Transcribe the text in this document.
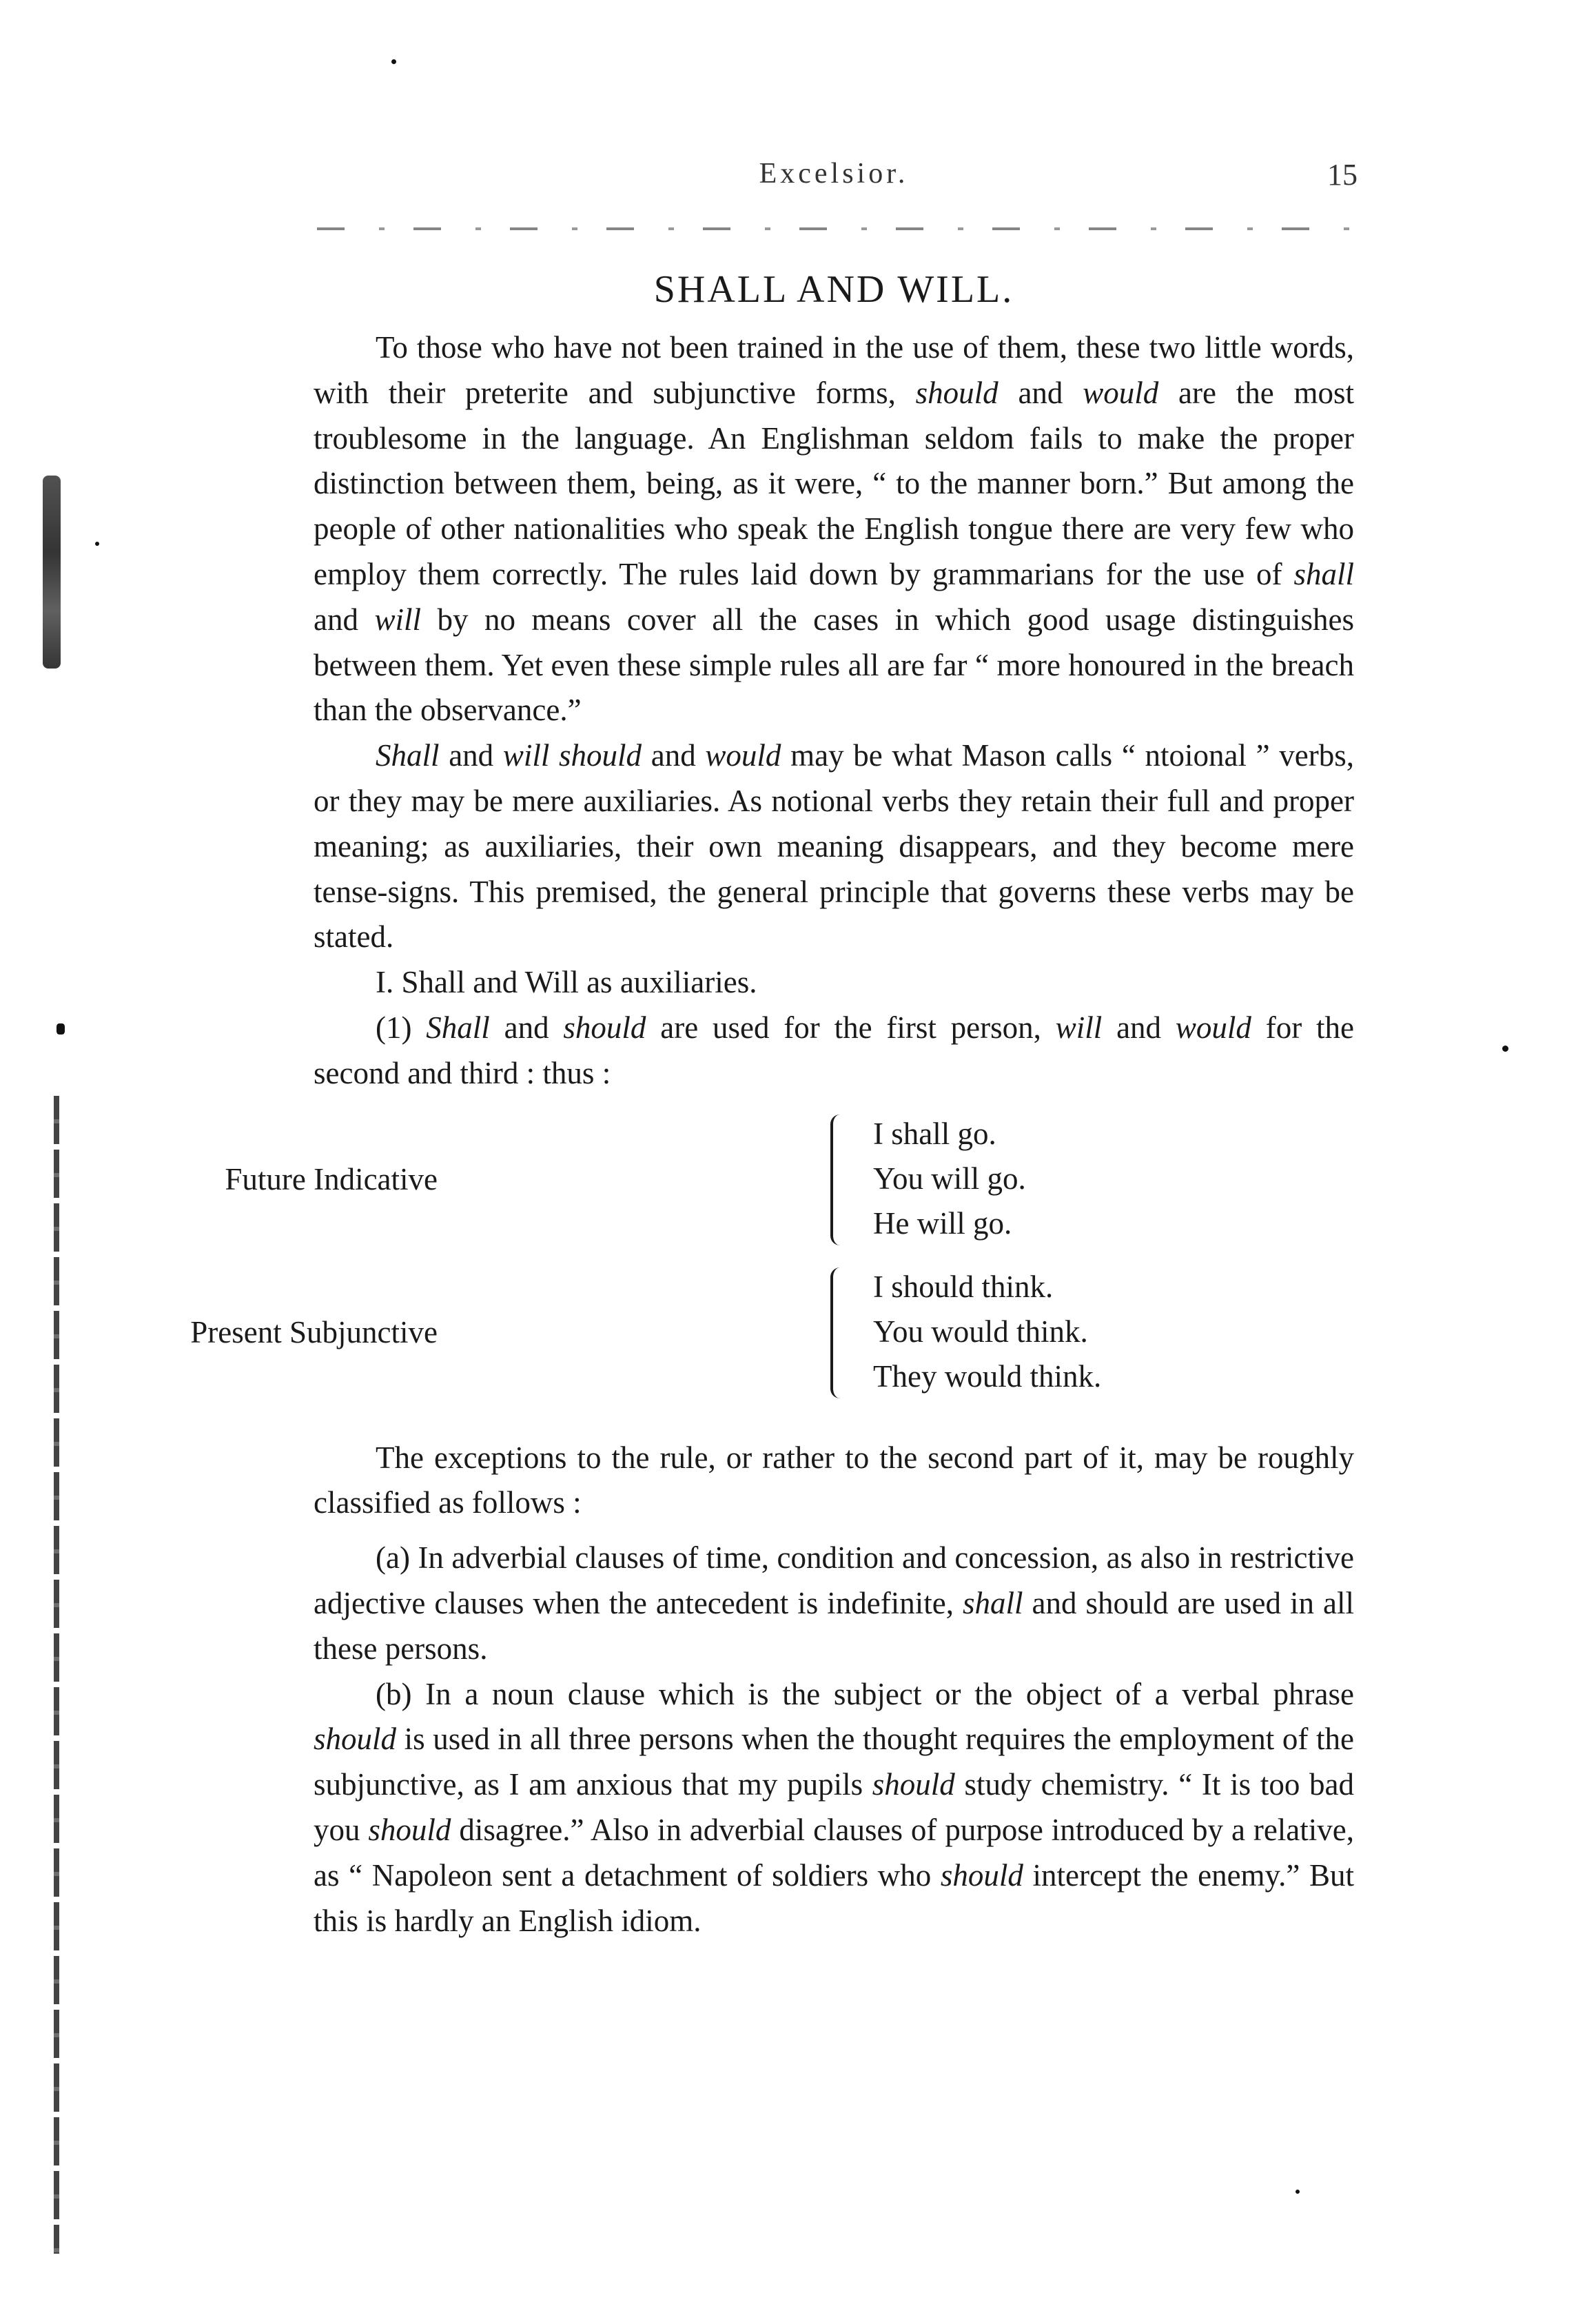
Excelsior.	15
SHALL AND WILL.

To those who have not been trained in the use of them, these two little words, with their preterite and subjunctive forms, should and would are the most troublesome in the language. An Englishman seldom fails to make the proper distinction between them, being, as it were, “ to the manner born.” But among the people of other nationalities who speak the English tongue there are very few who employ them correctly. The rules laid down by grammarians for the use of shall and will by no means cover all the cases in which good usage distinguishes between them. Yet even these simple rules all are far “ more honoured in the breach than the observance.”

Shall and will should and would may be what Mason calls “ ntoional ” verbs, or they may be mere auxiliaries. As notional verbs they retain their full and proper meaning; as auxiliaries, their own meaning disappears, and they become mere tense-signs. This premised, the general principle that governs these verbs may be stated.

I. Shall and Will as auxiliaries.

(1) Shall and should are used for the first person, will and would for the second and third : thus :

Future Indicative
I shall go.
You will go.
He will go.
Present Subjunctive
I should think.
You would think.
They would think.

The exceptions to the rule, or rather to the second part of it, may be roughly classified as follows :

(a) In adverbial clauses of time, condition and concession, as also in restrictive adjective clauses when the antecedent is indefinite, shall and should are used in all these persons.

(b) In a noun clause which is the subject or the object of a verbal phrase should is used in all three persons when the thought requires the employment of the subjunctive, as I am anxious that my pupils should study chemistry. “ It is too bad you should disagree.” Also in adverbial clauses of purpose introduced by a relative, as “ Napoleon sent a detachment of soldiers who should intercept the enemy.” But this is hardly an English idiom.
